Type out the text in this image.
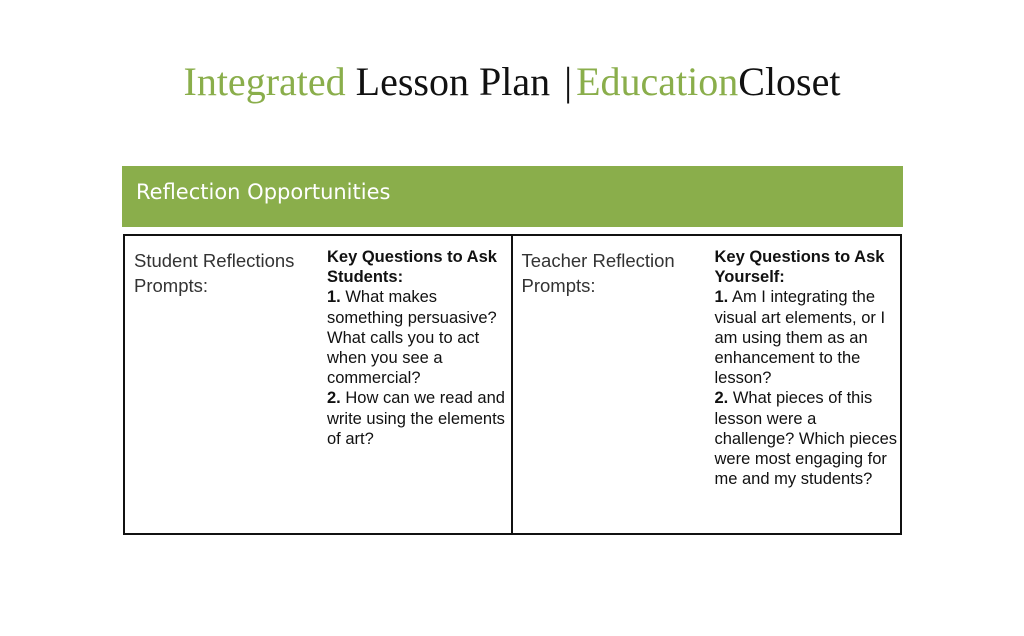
Integrated Lesson Plan | EducationCloset
Reflection Opportunities
Student Reflections Prompts:
Key Questions to Ask Students:
1. What makes something persuasive? What calls you to act when you see a commercial?
2. How can we read and write using the elements of art?
Teacher Reflection Prompts:
Key Questions to Ask Yourself:
1. Am I integrating the visual art elements, or I am using them as an enhancement to the lesson?
2. What pieces of this lesson were a challenge? Which pieces were most engaging for me and my students?
